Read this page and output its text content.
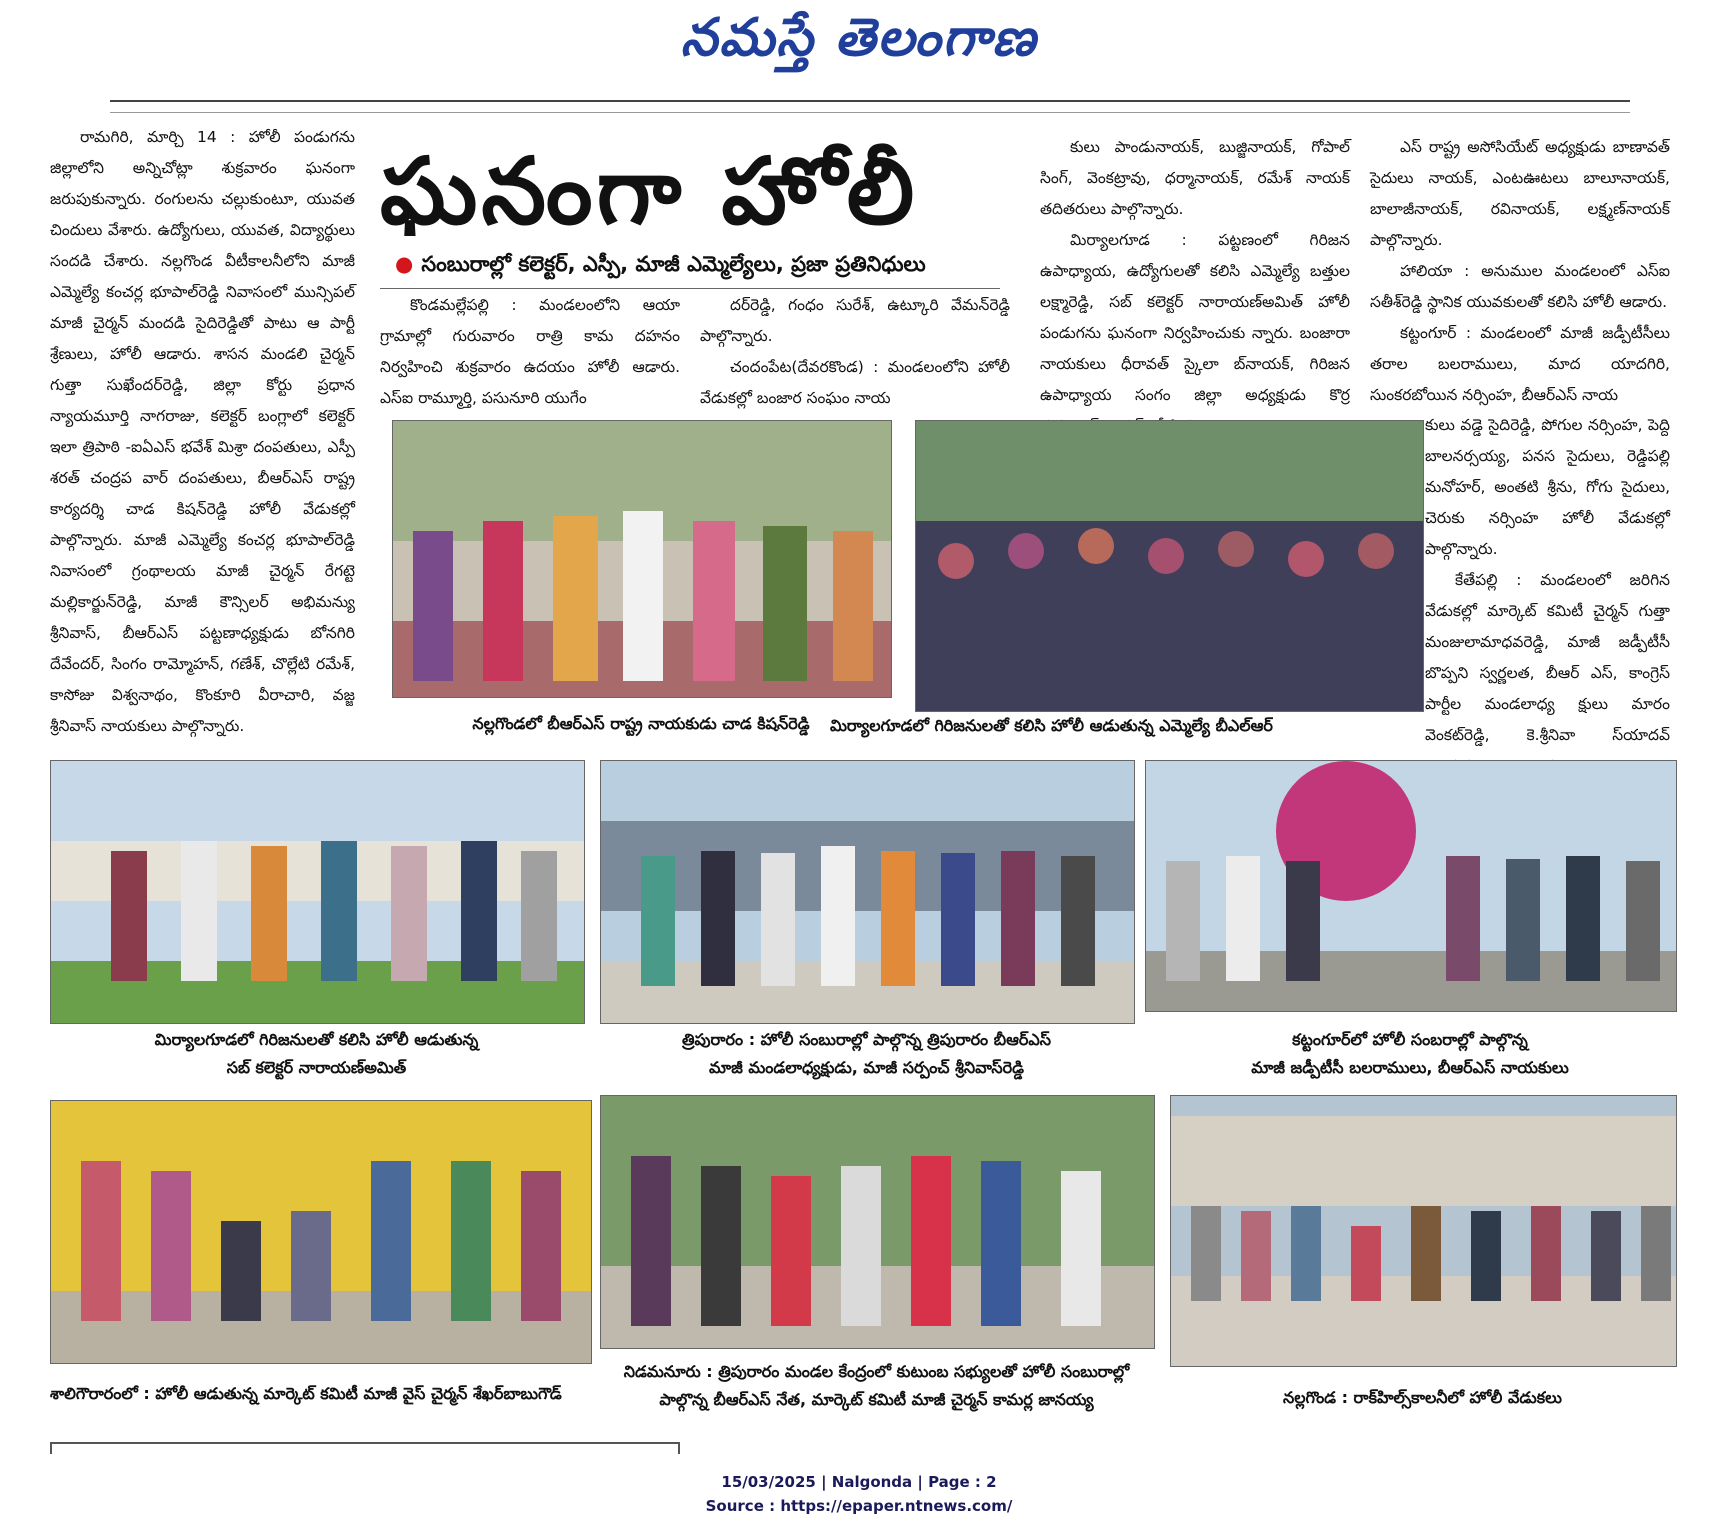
నమస్తే తెలంగాణ

రామగిరి, మార్చి 14 : హోలీ పండుగను జిల్లాలోని అన్నిచోట్లా శుక్రవారం ఘనంగా జరుపుకున్నారు. రంగులను చల్లుకుంటూ, యువత చిందులు వేశారు. ఉద్యోగులు, యువత, విద్యార్థులు సందడి చేశారు. నల్లగొండ వీటీకాలనీలోని మాజీ ఎమ్మెల్యే కంచర్ల భూపాల్‌రెడ్డి నివాసంలో మున్సిపల్ మాజీ చైర్మన్ మందడి సైదిరెడ్డితో పాటు ఆ పార్టీ శ్రేణులు, హోలీ ఆడారు. శాసన మండలి చైర్మన్ గుత్తా సుఖేందర్‌రెడ్డి, జిల్లా కోర్టు ప్రధాన న్యాయమూర్తి నాగరాజు, కలెక్టర్ బంగ్లాలో కలెక్టర్ ఇలా త్రిపాఠి -ఐఏఎస్ భవేశ్ మిశ్రా దంపతులు, ఎస్పీ శరత్ చంద్రప వార్ దంపతులు, బీఆర్ఎస్ రాష్ట్ర కార్యదర్శి చాడ కిషన్‌రెడ్డి హోలీ వేడుకల్లో పాల్గొన్నారు. మాజీ ఎమ్మెల్యే కంచర్ల భూపాల్‌రెడ్డి నివాసంలో గ్రంథాలయ మాజీ చైర్మన్ రేగట్టె మల్లికార్జున్‌రెడ్డి, మాజీ కౌన్సిలర్ అభిమన్యు శ్రీనివాస్, బీఆర్ఎస్ పట్టణాధ్యక్షుడు బోనగిరి దేవేందర్, సింగం రామ్మోహన్, గణేశ్, చొల్లేటి రమేశ్, కాసోజు విశ్వనాథం, కొంకూరి వీరాచారి, వజ్జ శ్రీనివాస్ నాయకులు పాల్గొన్నారు.

ఘనంగా హోలీ
● సంబురాల్లో కలెక్టర్, ఎస్పీ, మాజీ ఎమ్మెల్యేలు, ప్రజా ప్రతినిధులు

కొండమల్లేపల్లి : మండలంలోని ఆయా గ్రామాల్లో గురువారం రాత్రి కామ దహనం నిర్వహించి శుక్రవారం ఉదయం హోలీ ఆడారు. ఎస్ఐ రామ్మూర్తి, పసునూరి యుగేం

దర్‌రెడ్డి, గంధం సురేశ్, ఉట్కూరి వేమన్‌రెడ్డి పాల్గొన్నారు.

చందంపేట(దేవరకొండ) : మండలంలోని హోలీ వేడుకల్లో బంజార సంఘం నాయ

కులు పాండునాయక్, బుజ్జినాయక్, గోపాల్ సింగ్, వెంకట్రావు, ధర్మానాయక్, రమేశ్ నాయక్ తదితరులు పాల్గొన్నారు.

మిర్యాలగూడ : పట్టణంలో గిరిజన ఉపాధ్యాయ, ఉద్యోగులతో కలిసి ఎమ్మెల్యే బత్తుల లక్ష్మారెడ్డి, సబ్ కలెక్టర్ నారాయణ్‌అమిత్ హోలీ పండుగను ఘనంగా నిర్వహించుకు న్నారు. బంజారా నాయకులు ధీరావత్ స్కైలా బ్‌నాయక్, గిరిజన ఉపాధ్యాయ సంగం జిల్లా అధ్యక్షుడు కొర్ర

ఎస్ రాష్ట్ర అసోసియేట్ అధ్యక్షుడు బాణావత్ సైదులు నాయక్, ఎంటఊటలు బాలూనాయక్, బాలాజీనాయక్, రవినాయక్, లక్ష్మణ్‌నాయక్ పాల్గొన్నారు.

హాలియా : అనుముల మండలంలో ఎస్ఐ సతీశ్‌రెడ్డి స్థానిక యువకులతో కలిసి హోలీ ఆడారు.

కట్టంగూర్ : మండలంలో మాజీ జడ్పీటీసీలు తరాల బలరాములు, మాద యాదగిరి, సుంకరబోయిన నర్సింహ, బీఆర్ఎస్ నాయ

కులు వడ్డె సైదిరెడ్డి, పోగుల నర్సింహ, పెద్ది బాలనర్సయ్య, పనస సైదులు, రెడ్డిపల్లి మనోహర్, అంతటి శ్రీను, గోగు సైదులు, చెరుకు నర్సింహ హోలీ వేడుకల్లో పాల్గొన్నారు.

కేతేపల్లి : మండలంలో జరిగిన వేడుకల్లో మార్కెట్ కమిటీ చైర్మన్ గుత్తా మంజులామాధవరెడ్డి, మాజీ జడ్పీటీసీ బొప్పని స్వర్ణలత, బీఆర్ ఎస్, కాంగ్రెస్ పార్టీల మండలాధ్య క్షులు మారం వెంకట్‌రెడ్డి, కె.శ్రీనివా స్‌యాదవ్

నల్లగొండలో బీఆర్ఎస్ రాష్ట్ర నాయకుడు చాడ కిషన్‌రెడ్డి	మిర్యాలగూడలో గిరిజనులతో కలిసి హోలీ ఆడుతున్న ఎమ్మెల్యే బీఎల్ఆర్
మిర్యాలగూడలో గిరిజనులతో కలిసి హోలీ ఆడుతున్న
సబ్ కలెక్టర్ నారాయణ్‌అమిత్
త్రిపురారం : హోలీ సంబురాల్లో పాల్గొన్న త్రిపురారం బీఆర్ఎస్
మాజీ మండలాధ్యక్షుడు, మాజీ సర్పంచ్ శ్రీనివాస్‌రెడ్డి
కట్టంగూర్‌లో హోలీ సంబరాల్లో పాల్గొన్న
మాజీ జడ్పీటీసీ బలరాములు, బీఆర్ఎస్ నాయకులు
శాలిగౌరారంలో : హోలీ ఆడుతున్న మార్కెట్ కమిటీ మాజీ వైస్ చైర్మన్ శేఖర్‌బాబుగౌడ్
నిడమనూరు : త్రిపురారం మండల కేంద్రంలో కుటుంబ సభ్యులతో హోలీ సంబురాల్లో
పాల్గొన్న బీఆర్ఎస్ నేత, మార్కెట్ కమిటీ మాజీ చైర్మన్ కామర్ల జానయ్య	నల్లగొండ : రాక్‌హిల్స్‌కాలనీలో హోలీ వేడుకలు
15/03/2025 | Nalgonda | Page : 2
Source : https://epaper.ntnews.com/
